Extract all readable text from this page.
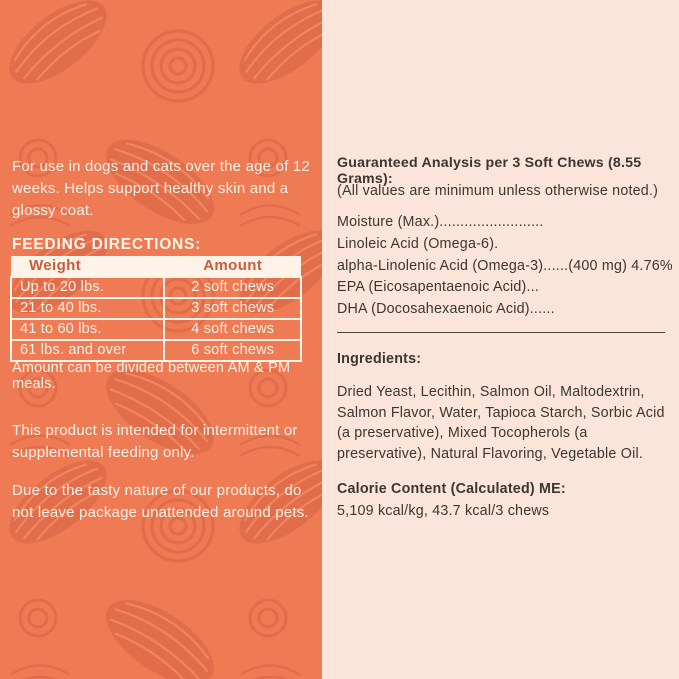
For use in dogs and cats over the age of 12 weeks. Helps support healthy skin and a glossy coat.
FEEDING DIRECTIONS:
Weight	Amount
Up to 20 lbs.	2 soft chews
21 to 40 lbs.	3 soft chews
41 to 60 lbs.	4 soft chews
61 lbs. and over	6 soft chews
Amount can be divided between AM & PM meals.
This product is intended for intermittent or supplemental feeding only.
Due to the tasty nature of our products, do not leave package unattended around pets.
Guaranteed Analysis per 3 Soft Chews (8.55 Grams):
(All values are minimum unless otherwise noted.)
Moisture (Max.).........................
Linoleic Acid (Omega-6).
alpha-Linolenic Acid (Omega-3)......(400 mg) 4.76%
EPA (Eicosapentaenoic Acid)...
DHA (Docosahexaenoic Acid)......
Ingredients:
Dried Yeast, Lecithin, Salmon Oil, Maltodextrin, Salmon Flavor, Water, Tapioca Starch, Sorbic Acid (a preservative), Mixed Tocopherols (a preservative), Natural Flavoring, Vegetable Oil.
Calorie Content (Calculated) ME:
5,109 kcal/kg, 43.7 kcal/3 chews
